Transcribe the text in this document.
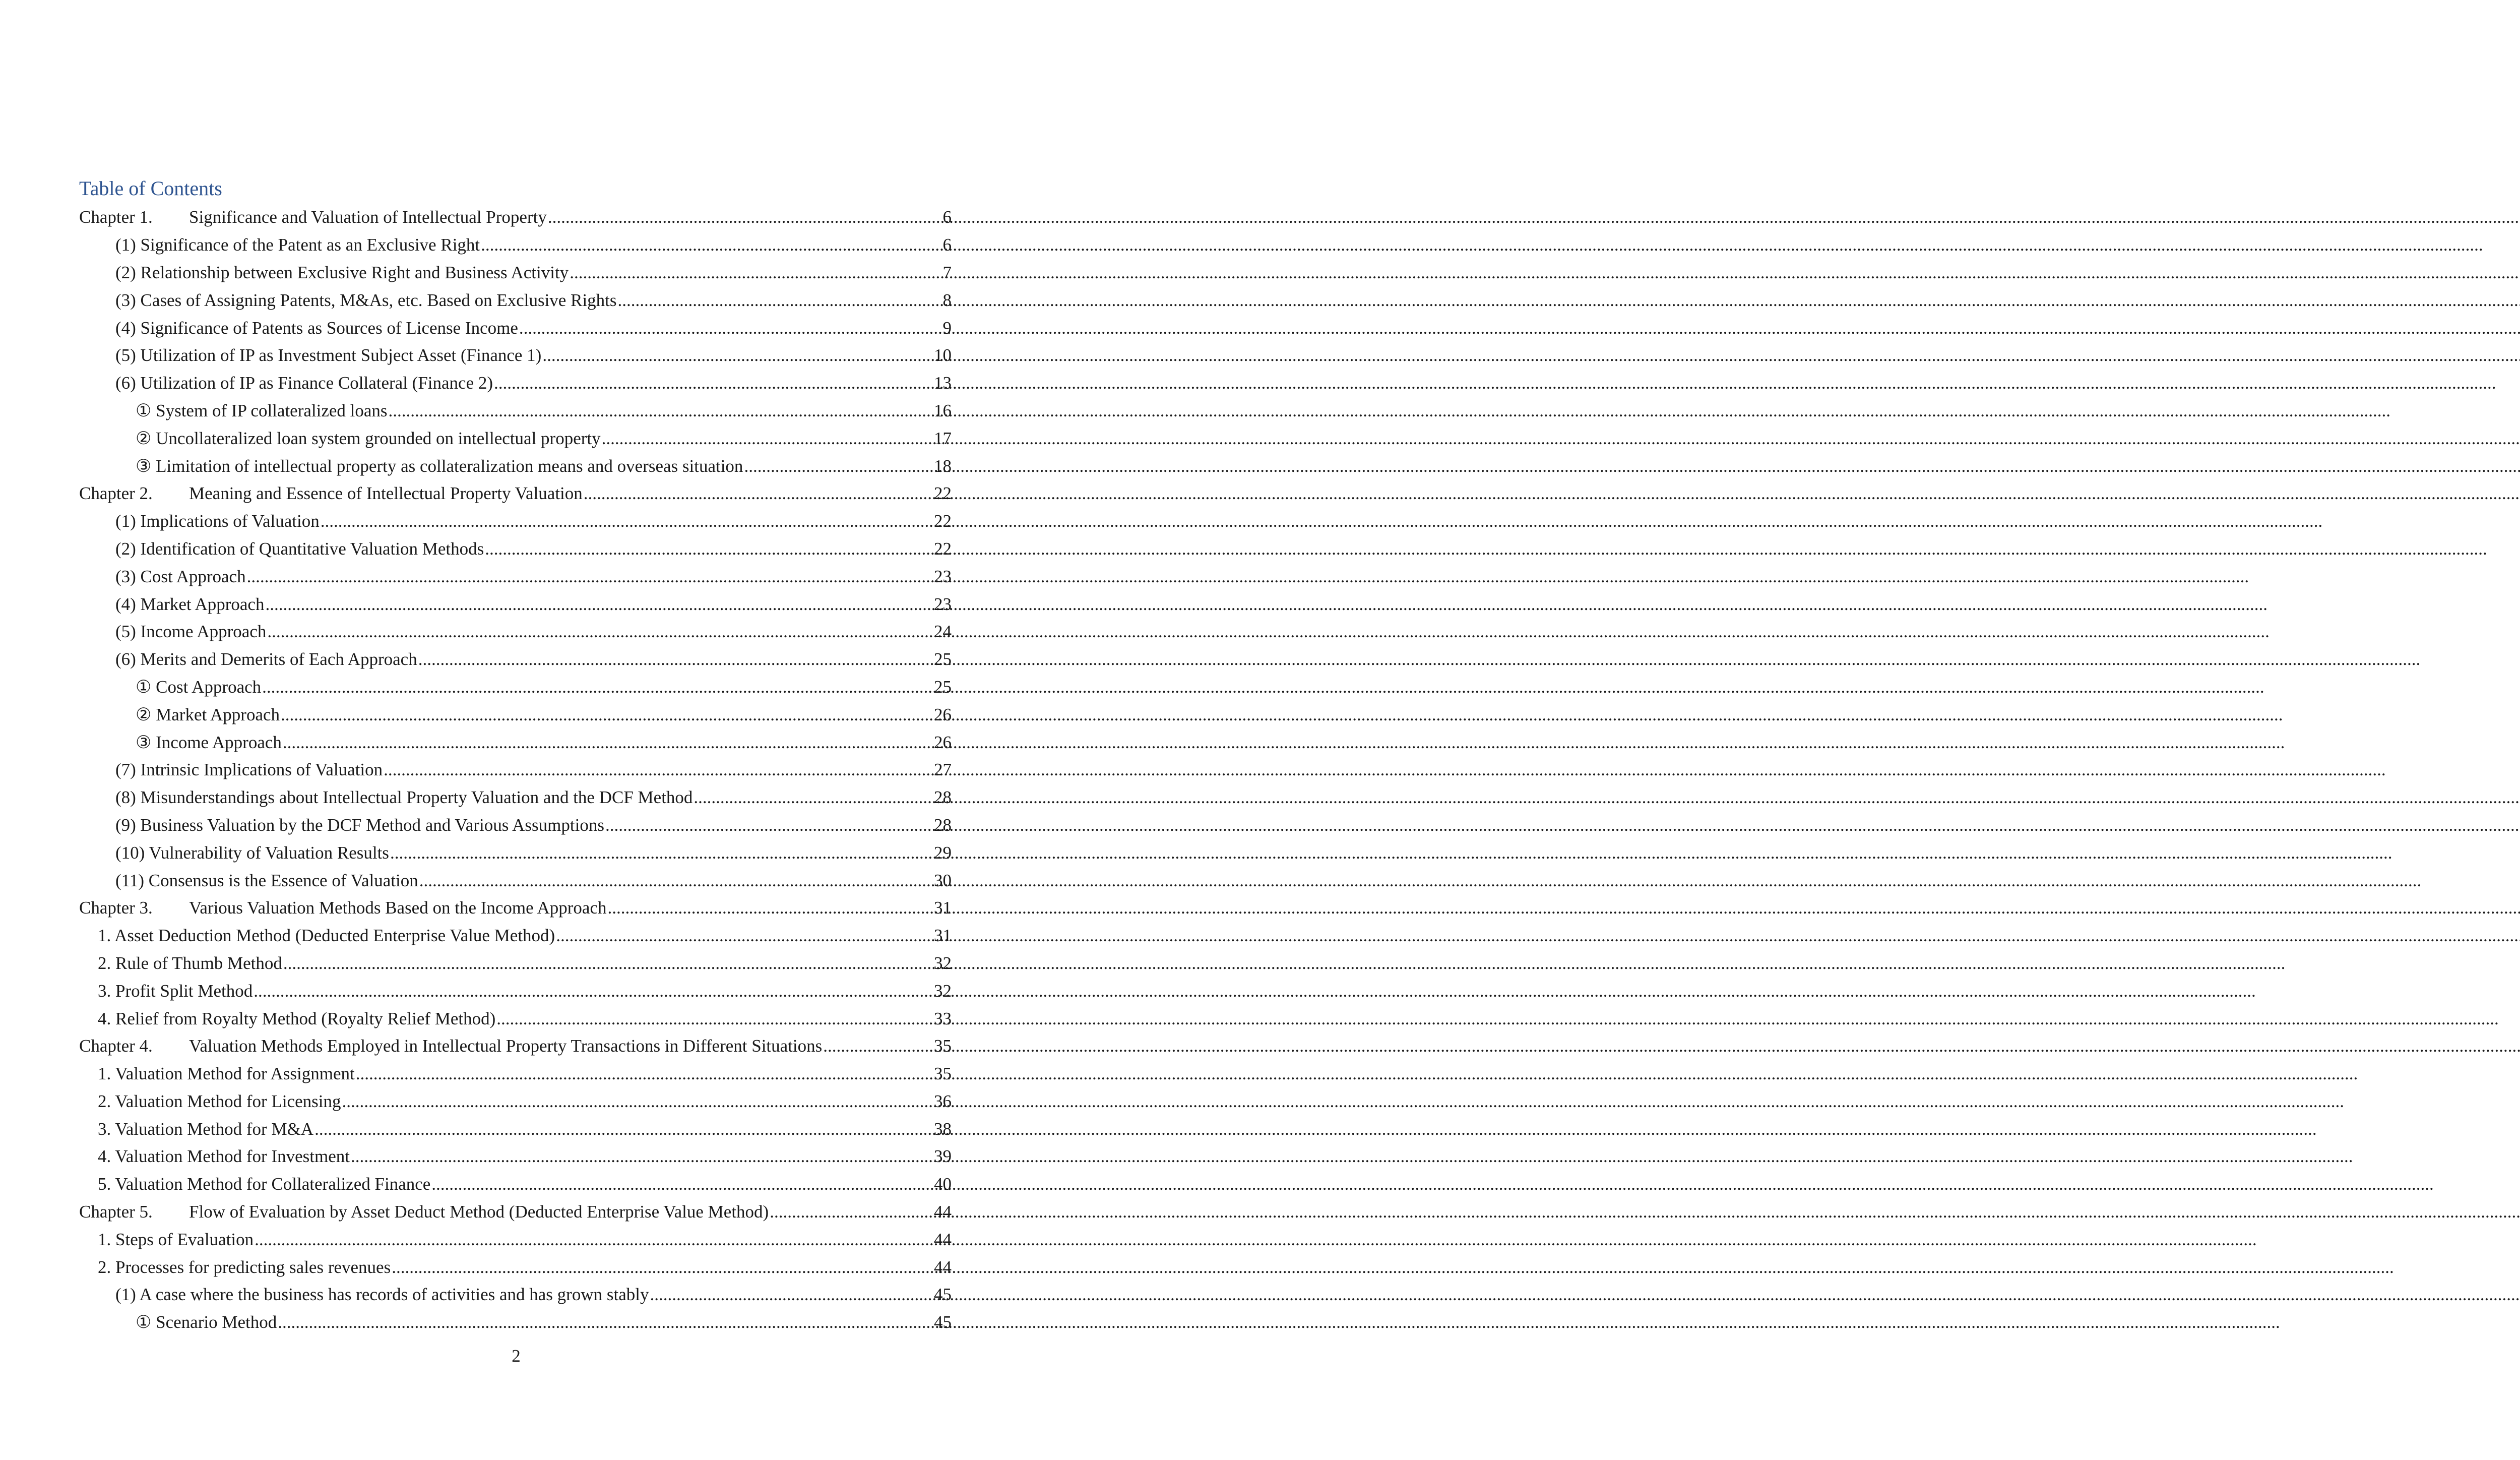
Table of Contents
Chapter 1.	Significance and Valuation of Intellectual Property .....	6
(1) Significance of the Patent as an Exclusive Right .....	6
(2) Relationship between Exclusive Right and Business Activity .....	7
(3) Cases of Assigning Patents, M&As, etc. Based on Exclusive Rights .....	8
(4) Significance of Patents as Sources of License Income .....	9
(5) Utilization of IP as Investment Subject Asset (Finance 1) .....	10
(6) Utilization of IP as Finance Collateral (Finance 2) .....	13
① System of IP collateralized loans .....	16
② Uncollateralized loan system grounded on intellectual property .....	17
③ Limitation of intellectual property as collateralization means and overseas situation .....	18
Chapter 2.	Meaning and Essence of Intellectual Property Valuation .....	22
(1) Implications of Valuation .....	22
(2) Identification of Quantitative Valuation Methods .....	22
(3) Cost Approach .....	23
(4) Market Approach .....	23
(5) Income Approach .....	24
(6) Merits and Demerits of Each Approach .....	25
① Cost Approach .....	25
② Market Approach .....	26
③ Income Approach .....	26
(7) Intrinsic Implications of Valuation .....	27
(8) Misunderstandings about Intellectual Property Valuation and the DCF Method .....	28
(9) Business Valuation by the DCF Method and Various Assumptions .....	28
(10) Vulnerability of Valuation Results .....	29
(11) Consensus is the Essence of Valuation .....	30
Chapter 3.	Various Valuation Methods Based on the Income Approach .....	31
1. Asset Deduction Method (Deducted Enterprise Value Method) .....	31
2. Rule of Thumb Method .....	32
3. Profit Split Method .....	32
4. Relief from Royalty Method (Royalty Relief Method) .....	33
Chapter 4.	Valuation Methods Employed in Intellectual Property Transactions in Different Situations .....	35
1. Valuation Method for Assignment .....	35
2. Valuation Method for Licensing .....	36
3. Valuation Method for M&A .....	38
4. Valuation Method for Investment .....	39
5. Valuation Method for Collateralized Finance .....	40
Chapter 5.	Flow of Evaluation by Asset Deduct Method (Deducted Enterprise Value Method) .....	44
1. Steps of Evaluation .....	44
2. Processes for predicting sales revenues .....	44
(1) A case where the business has records of activities and has grown stably .....	45
① Scenario Method .....	45
2
